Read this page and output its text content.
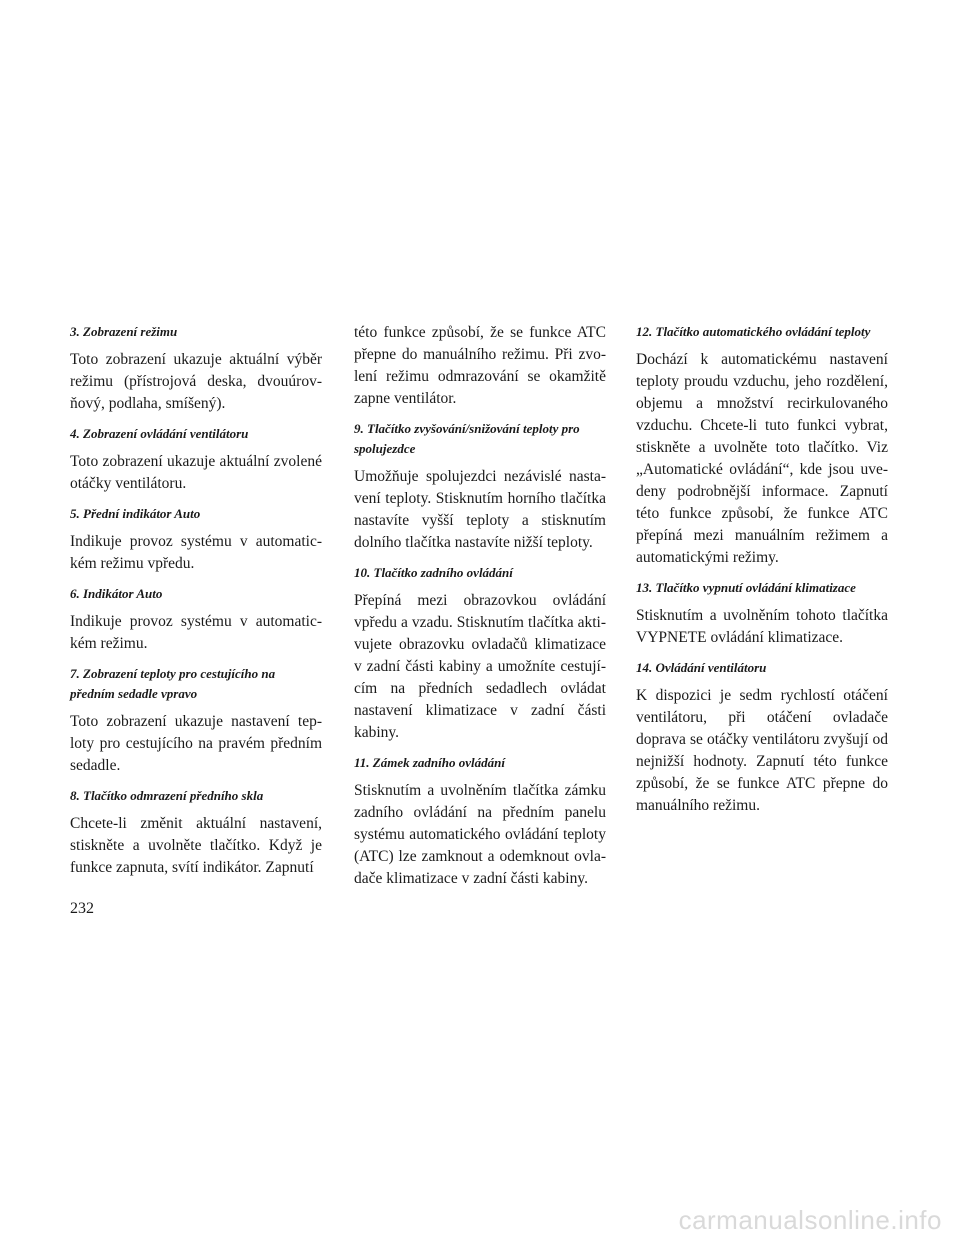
3. Zobrazení režimu
Toto zobrazení ukazuje aktuální výběr režimu (přístrojová deska, dvouúrovňový, podlaha, smíšený).
4. Zobrazení ovládání ventilátoru
Toto zobrazení ukazuje aktuální zvolené otáčky ventilátoru.
5. Přední indikátor Auto
Indikuje provoz systému v automatickém režimu vpředu.
6. Indikátor Auto
Indikuje provoz systému v automatickém režimu.
7. Zobrazení teploty pro cestujícího na předním sedadle vpravo
Toto zobrazení ukazuje nastavení teploty pro cestujícího na pravém předním sedadle.
8. Tlačítko odmrazení předního skla
Chcete-li změnit aktuální nastavení, stiskněte a uvolněte tlačítko. Když je funkce zapnuta, svítí indikátor. Zapnutí
této funkce způsobí, že se funkce ATC přepne do manuálního režimu. Při zvolení režimu odmrazování se okamžitě zapne ventilátor.
9. Tlačítko zvyšování/snižování teploty pro spolujezdce
Umožňuje spolujezdci nezávislé nastavení teploty. Stisknutím horního tlačítka nastavíte vyšší teploty a stisknutím dolního tlačítka nastavíte nižší teploty.
10. Tlačítko zadního ovládání
Přepíná mezi obrazovkou ovládání vpředu a vzadu. Stisknutím tlačítka aktivujete obrazovku ovladačů klimatizace v zadní části kabiny a umožníte cestujícím na předních sedadlech ovládat nastavení klimatizace v zadní části kabiny.
11. Zámek zadního ovládání
Stisknutím a uvolněním tlačítka zámku zadního ovládání na předním panelu systému automatického ovládání teploty (ATC) lze zamknout a odemknout ovladače klimatizace v zadní části kabiny.
12. Tlačítko automatického ovládání teploty
Dochází k automatickému nastavení teploty proudu vzduchu, jeho rozdělení, objemu a množství recirkulovaného vzduchu. Chcete-li tuto funkci vybrat, stiskněte a uvolněte toto tlačítko. Viz „Automatické ovládání“, kde jsou uvedeny podrobnější informace. Zapnutí této funkce způsobí, že funkce ATC přepíná mezi manuálním režimem a automatickými režimy.
13. Tlačítko vypnutí ovládání klimatizace
Stisknutím a uvolněním tohoto tlačítka VYPNETE ovládání klimatizace.
14. Ovládání ventilátoru
K dispozici je sedm rychlostí otáčení ventilátoru, při otáčení ovladače doprava se otáčky ventilátoru zvyšují od nejnižší hodnoty. Zapnutí této funkce způsobí, že se funkce ATC přepne do manuálního režimu.
232
carmanualsonline.info
